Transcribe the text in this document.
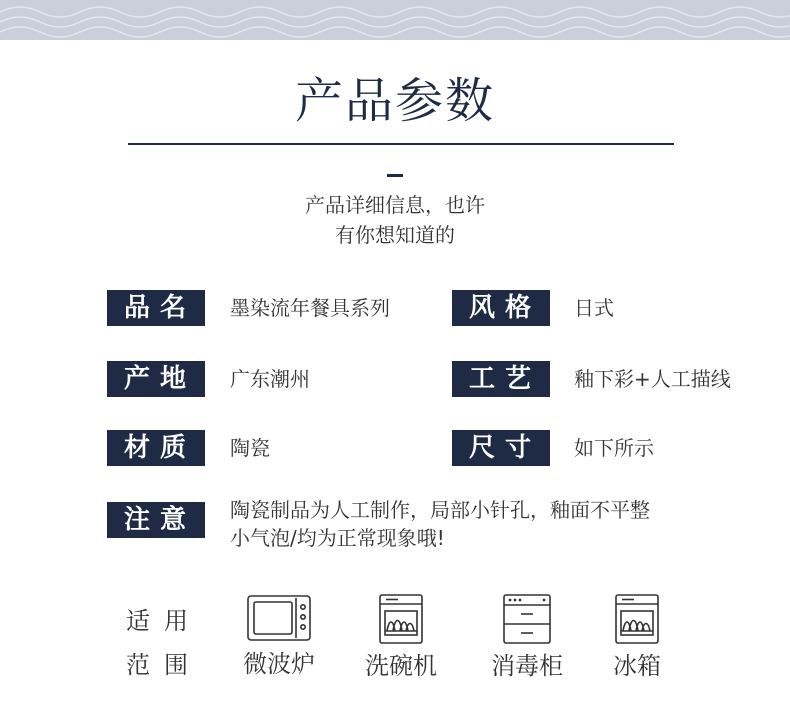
产品参数
产品详细信息，也许
有你想知道的
品名	墨染流年餐具系列	风格	日式
产地	广东潮州	工艺	釉下彩+人工描线
材质	陶瓷	尺寸	如下所示
注意	陶瓷制品为人工制作，局部小针孔，釉面不平整
小气泡/均为正常现象哦!
适用
范围	微波炉	洗碗机	消毒柜	冰箱
